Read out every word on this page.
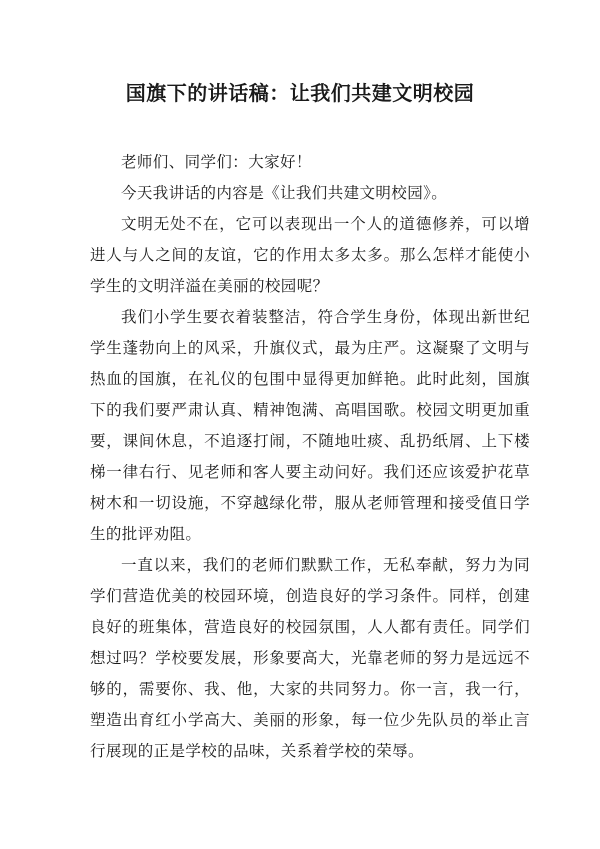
国旗下的讲话稿：让我们共建文明校园

老师们、同学们：大家好！

今天我讲话的内容是《让我们共建文明校园》。

文明无处不在，它可以表现出一个人的道德修养，可以增进人与人之间的友谊，它的作用太多太多。那么怎样才能使小学生的文明洋溢在美丽的校园呢？

我们小学生要衣着装整洁，符合学生身份，体现出新世纪学生蓬勃向上的风采，升旗仪式，最为庄严。这凝聚了文明与热血的国旗，在礼仪的包围中显得更加鲜艳。此时此刻，国旗下的我们要严肃认真、精神饱满、高唱国歌。校园文明更加重要，课间休息，不追逐打闹，不随地吐痰、乱扔纸屑、上下楼梯一律右行、见老师和客人要主动问好。我们还应该爱护花草树木和一切设施，不穿越绿化带，服从老师管理和接受值日学生的批评劝阻。

一直以来，我们的老师们默默工作，无私奉献，努力为同学们营造优美的校园环境，创造良好的学习条件。同样，创建良好的班集体，营造良好的校园氛围，人人都有责任。同学们想过吗？学校要发展，形象要高大，光靠老师的努力是远远不够的，需要你、我、他，大家的共同努力。你一言，我一行，塑造出育红小学高大、美丽的形象，每一位少先队员的举止言行展现的正是学校的品味，关系着学校的荣辱。
